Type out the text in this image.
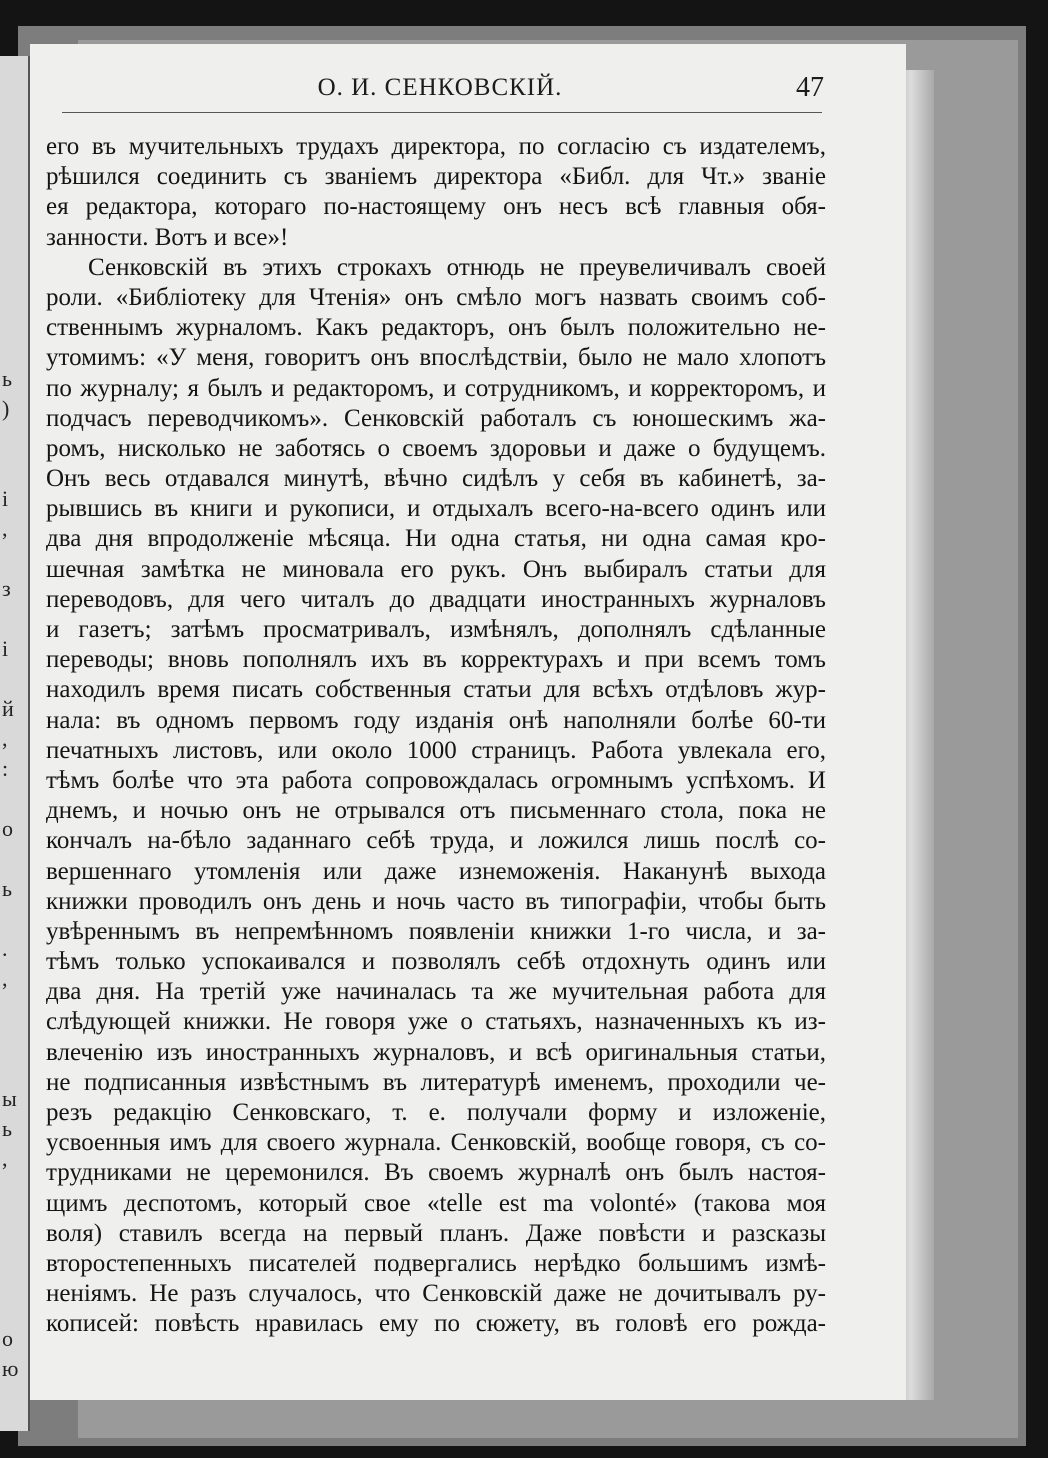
ь
)
і
,
з
і
й
,
:
о
ь
.
,
ы
ь
,
о
ю
О. И. СЕНКОВСКІЙ.	47
его въ мучительныхъ трудахъ директора, по согласію съ издателемъ,
рѣшился соединить съ званіемъ директора «Библ. для Чт.» званіе
ея редактора, котораго по-настоящему онъ несъ всѣ главныя обя-
занности. Вотъ и все»!
Сенковскій въ этихъ строкахъ отнюдь не преувеличивалъ своей
роли. «Библіотеку для Чтенія» онъ смѣло могъ назвать своимъ соб-
ственнымъ журналомъ. Какъ редакторъ, онъ былъ положительно не-
утомимъ: «У меня, говоритъ онъ впослѣдствіи, было не мало хлопотъ
по журналу; я былъ и редакторомъ, и сотрудникомъ, и корректоромъ, и
подчасъ переводчикомъ». Сенковскій работалъ съ юношескимъ жа-
ромъ, нисколько не заботясь о своемъ здоровьи и даже о будущемъ.
Онъ весь отдавался минутѣ, вѣчно сидѣлъ у себя въ кабинетѣ, за-
рывшись въ книги и рукописи, и отдыхалъ всего-на-всего одинъ или
два дня впродолженіе мѣсяца. Ни одна статья, ни одна самая кро-
шечная замѣтка не миновала его рукъ. Онъ выбиралъ статьи для
переводовъ, для чего читалъ до двадцати иностранныхъ журналовъ
и газетъ; затѣмъ просматривалъ, измѣнялъ, дополнялъ сдѣланные
переводы; вновь пополнялъ ихъ въ корректурахъ и при всемъ томъ
находилъ время писать собственныя статьи для всѣхъ отдѣловъ жур-
нала: въ одномъ первомъ году изданія онѣ наполняли болѣе 60-ти
печатныхъ листовъ, или около 1000 страницъ. Работа увлекала его,
тѣмъ болѣе что эта работа сопровождалась огромнымъ успѣхомъ. И
днемъ, и ночью онъ не отрывался отъ письменнаго стола, пока не
кончалъ на-бѣло заданнаго себѣ труда, и ложился лишь послѣ со-
вершеннаго утомленія или даже изнеможенія. Наканунѣ выхода
книжки проводилъ онъ день и ночь часто въ типографіи, чтобы быть
увѣреннымъ въ непремѣнномъ появленіи книжки 1-го числа, и за-
тѣмъ только успокаивался и позволялъ себѣ отдохнуть одинъ или
два дня. На третій уже начиналась та же мучительная работа для
слѣдующей книжки. Не говоря уже о статьяхъ, назначенныхъ къ из-
влеченію изъ иностранныхъ журналовъ, и всѣ оригинальныя статьи,
не подписанныя извѣстнымъ въ литературѣ именемъ, проходили че-
резъ редакцію Сенковскаго, т. е. получали форму и изложеніе,
усвоенныя имъ для своего журнала. Сенковскій, вообще говоря, съ со-
трудниками не церемонился. Въ своемъ журналѣ онъ былъ настоя-
щимъ деспотомъ, который свое «telle est ma volonté» (такова моя
воля) ставилъ всегда на первый планъ. Даже повѣсти и разсказы
второстепенныхъ писателей подвергались нерѣдко большимъ измѣ-
неніямъ. Не разъ случалось, что Сенковскій даже не дочитывалъ ру-
кописей: повѣсть нравилась ему по сюжету, въ головѣ его рожда-
